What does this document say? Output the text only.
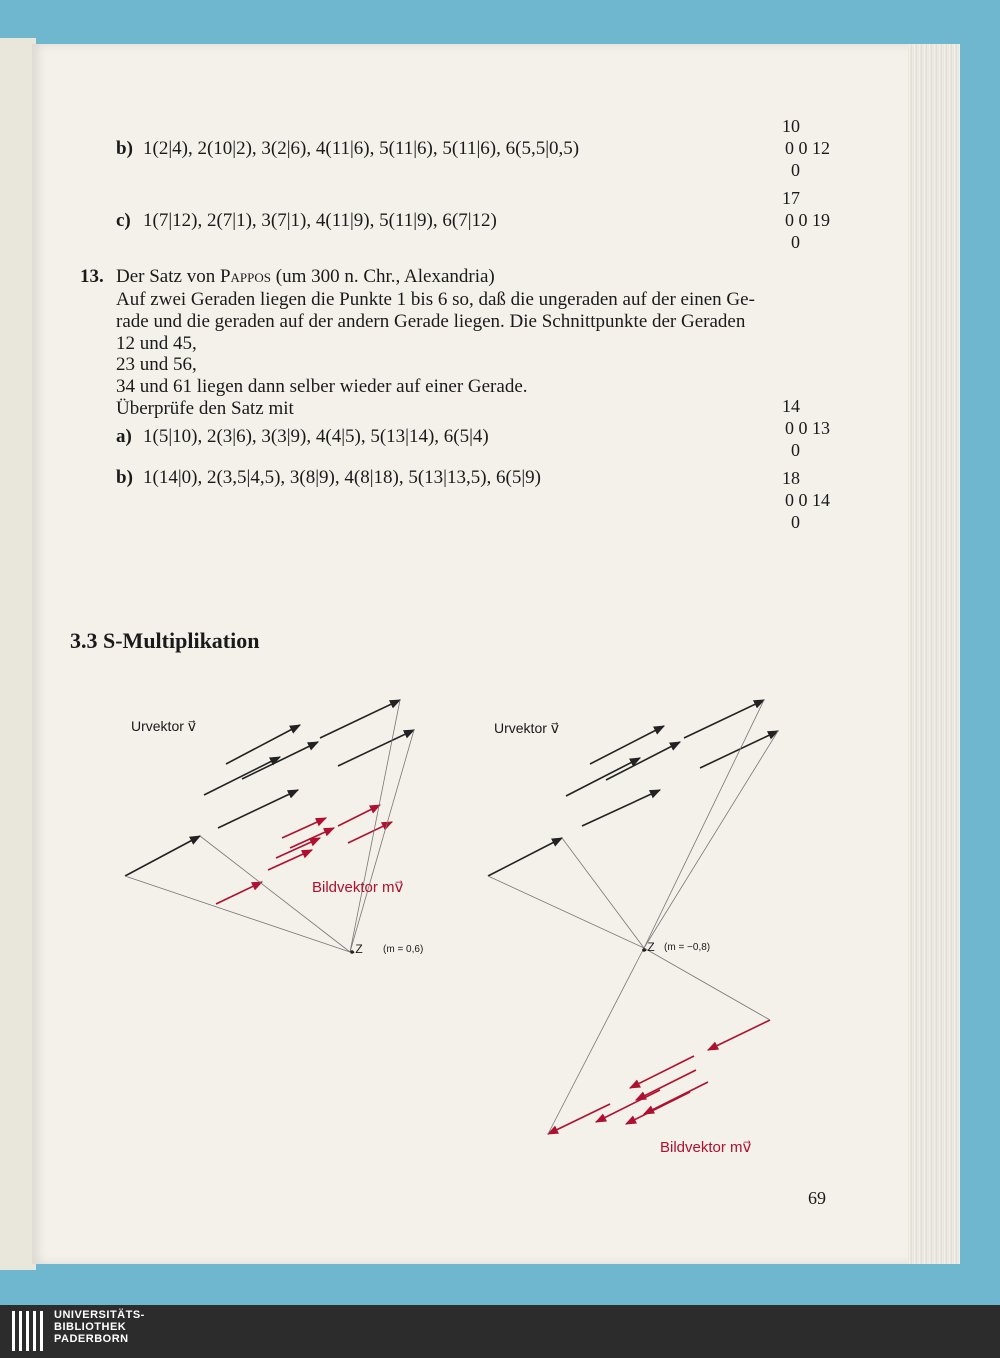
b) 1(2|4), 2(10|2), 3(2|6), 4(11|6), 5(11|6), 5(11|6), 6(5,5|0,5)
c) 1(7|12), 2(7|1), 3(7|1), 4(11|9), 5(11|9), 6(7|12)
13. Der Satz von Pappos (um 300 n. Chr., Alexandria)
Auf zwei Geraden liegen die Punkte 1 bis 6 so, daß die ungeraden auf der einen Ge-
rade und die geraden auf der andern Gerade liegen. Die Schnittpunkte der Geraden
12 und 45,
23 und 56,
34 und 61 liegen dann selber wieder auf einer Gerade.
Überprüfe den Satz mit
a) 1(5|10), 2(3|6), 3(3|9), 4(4|5), 5(13|14), 6(5|4)
b) 1(14|0), 2(3,5|4,5), 3(8|9), 4(8|18), 5(13|13,5), 6(5|9)
10
0 0 12
0
17
0 0 19
0
14
0 0 13
0
18
0 0 14
0
3.3 S-Multiplikation
Urvektor v⃗
Bildvektor mv⃗
.Z (m = 0,6)
Urvektor v⃗
Bildvektor mv⃗
.Z (m = −0,8)
69
UNIVERSITÄTS-
BIBLIOTHEK
PADERBORN
